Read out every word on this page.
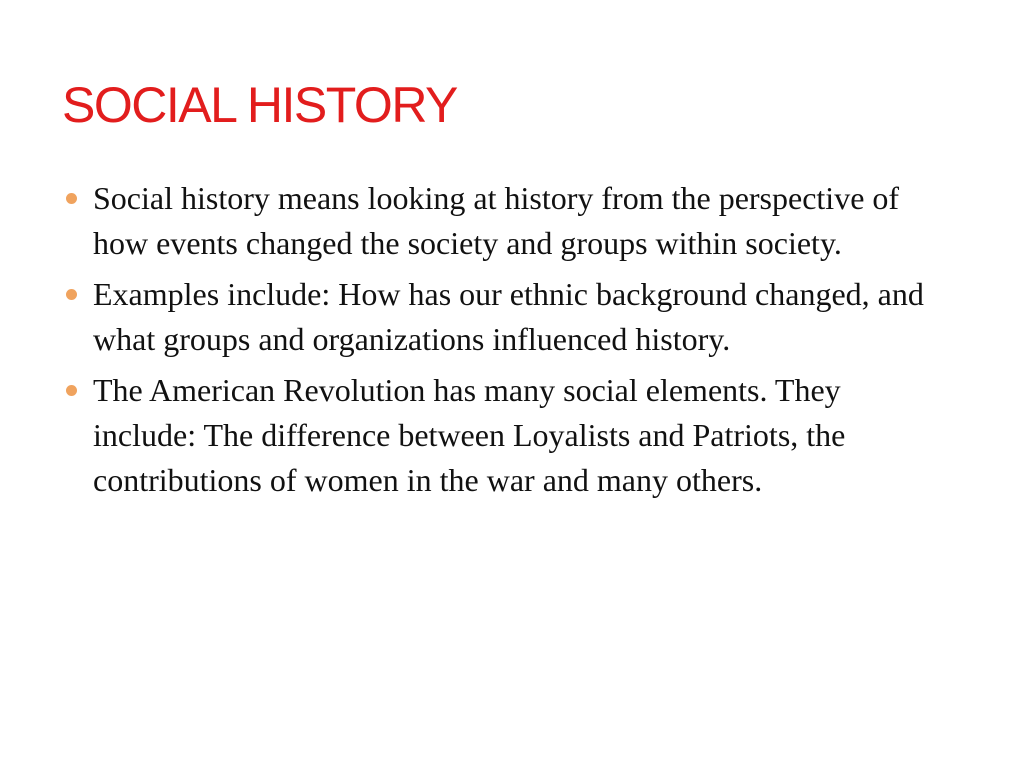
SOCIAL HISTORY
Social history means looking at history from the perspective of how events changed the society and groups within society.
Examples include: How has our ethnic background changed, and what groups and organizations influenced history.
The American Revolution has many social elements. They include: The difference between Loyalists and Patriots, the contributions of women in the war and many others.
